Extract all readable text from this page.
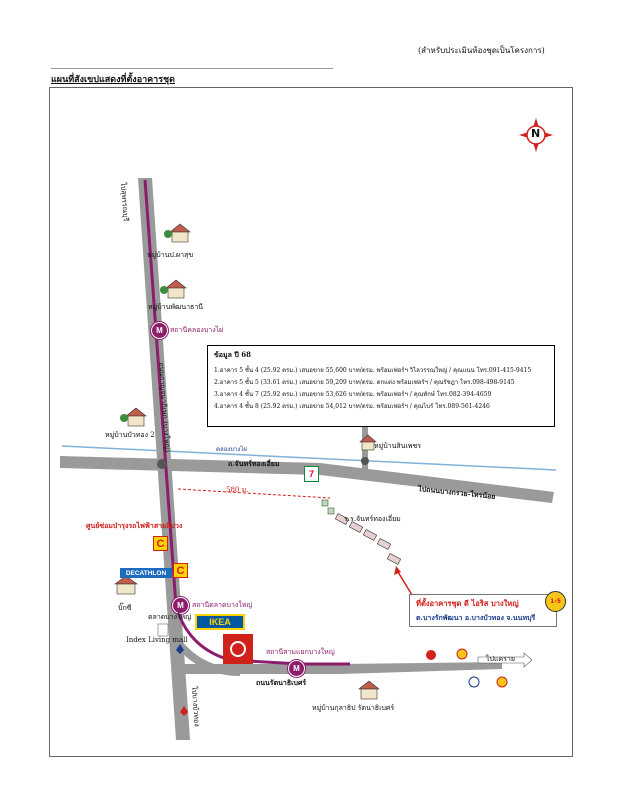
(สำหรับประเมินห้องชุดเป็นโครงการ)
แผนที่สังเขปแสดงที่ตั้งอาคารชุด
N
ไปสุพรรณบุรี
ถนนกาญจนาภิเษก (บางใหญ่)
ไปบางบัวทอง
ถ.จันทร์ทองเอี่ยม
ไปถนนบางกรวย-ไทรน้อย
ถนนรัตนาธิเบศร์
ไปแคราย
580 ม.
คลองบางไผ่
หมู่บ้านป.ผาสุข
หมู่บ้านพัฒนาธานี
หมู่บ้านบัวทอง 2
หมู่บ้านสินเพชร
หมู่บ้านกุลาธิป รัตนาธิเบศร์
ร.ร.จันทร์ทองเอี่ยม
M	สถานีคลองบางไผ่
M	สถานีตลาดบางใหญ่
M
สถานีสามแยกบางใหญ่
ศูนย์ซ่อมบำรุงรถไฟฟ้าสายสีม่วง
C
C
DECATHLON
บิ๊กซี
IKEA
Index Living mall
ตลาดบางใหญ่
7
ข้อมูล ปี 68
1.อาคาร 5 ชั้น 4 (25.92 ตรม.) เสนอขาย 55,600 บาท/ตรม. พร้อมเฟอร์ฯ วิไลวรรณใหญ่ / คุณแนน โทร.091-415-9415
2.อาคาร 5 ชั้น 5 (33.61 ตรม.) เสนอขาย 59,209 บาท/ตรม. ตกแต่ง พร้อมเฟอร์ฯ / คุณรัชฎา โทร.098-498-9145
3.อาคาร 4 ชั้น 7 (25.92 ตรม.) เสนอขาย 53,626 บาท/ตรม. พร้อมเฟอร์ฯ / คุณทักษ์ โทร.082-394-4659
4.อาคาร 4 ชั้น 8 (25.92 ตรม.) เสนอขาย 54,012 บาท/ตรม. พร้อมเฟอร์ฯ / คุณไบร์ โทร.089-561-4246
ที่ตั้งอาคารชุด ดี ไอริส บางใหญ่
ต.บางรักพัฒนา อ.บางบัวทอง จ.นนทบุรี
1-5
